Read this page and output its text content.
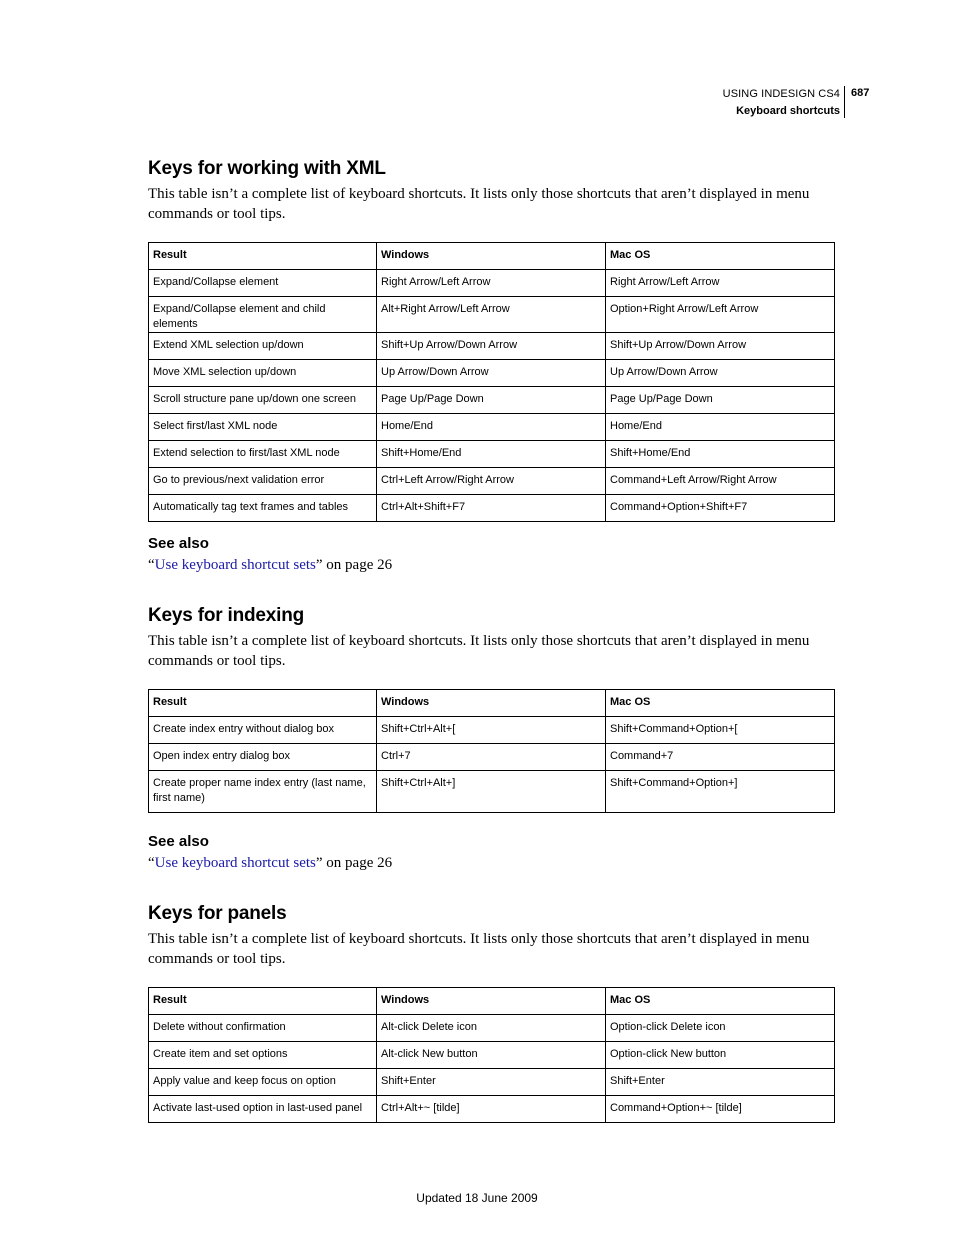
USING INDESIGN CS4
Keyboard shortcuts
687
Keys for working with XML

This table isn’t a complete list of keyboard shortcuts. It lists only those shortcuts that aren’t displayed in menu commands or tool tips.

Result	Windows	Mac OS
Expand/Collapse element	Right Arrow/Left Arrow	Right Arrow/Left Arrow
Expand/Collapse element and child elements	Alt+Right Arrow/Left Arrow	Option+Right Arrow/Left Arrow
Extend XML selection up/down	Shift+Up Arrow/Down Arrow	Shift+Up Arrow/Down Arrow
Move XML selection up/down	Up Arrow/Down Arrow	Up Arrow/Down Arrow
Scroll structure pane up/down one screen	Page Up/Page Down	Page Up/Page Down
Select first/last XML node	Home/End	Home/End
Extend selection to first/last XML node	Shift+Home/End	Shift+Home/End
Go to previous/next validation error	Ctrl+Left Arrow/Right Arrow	Command+Left Arrow/Right Arrow
Automatically tag text frames and tables	Ctrl+Alt+Shift+F7	Command+Option+Shift+F7
See also
“Use keyboard shortcut sets” on page 26
Keys for indexing

This table isn’t a complete list of keyboard shortcuts. It lists only those shortcuts that aren’t displayed in menu commands or tool tips.

Result	Windows	Mac OS
Create index entry without dialog box	Shift+Ctrl+Alt+[	Shift+Command+Option+[
Open index entry dialog box	Ctrl+7	Command+7
Create proper name index entry (last name, first name)	Shift+Ctrl+Alt+]	Shift+Command+Option+]
See also
“Use keyboard shortcut sets” on page 26
Keys for panels

This table isn’t a complete list of keyboard shortcuts. It lists only those shortcuts that aren’t displayed in menu commands or tool tips.

Result	Windows	Mac OS
Delete without confirmation	Alt-click Delete icon	Option-click Delete icon
Create item and set options	Alt-click New button	Option-click New button
Apply value and keep focus on option	Shift+Enter	Shift+Enter
Activate last-used option in last-used panel	Ctrl+Alt+~ [tilde]	Command+Option+~ [tilde]
Updated 18 June 2009
